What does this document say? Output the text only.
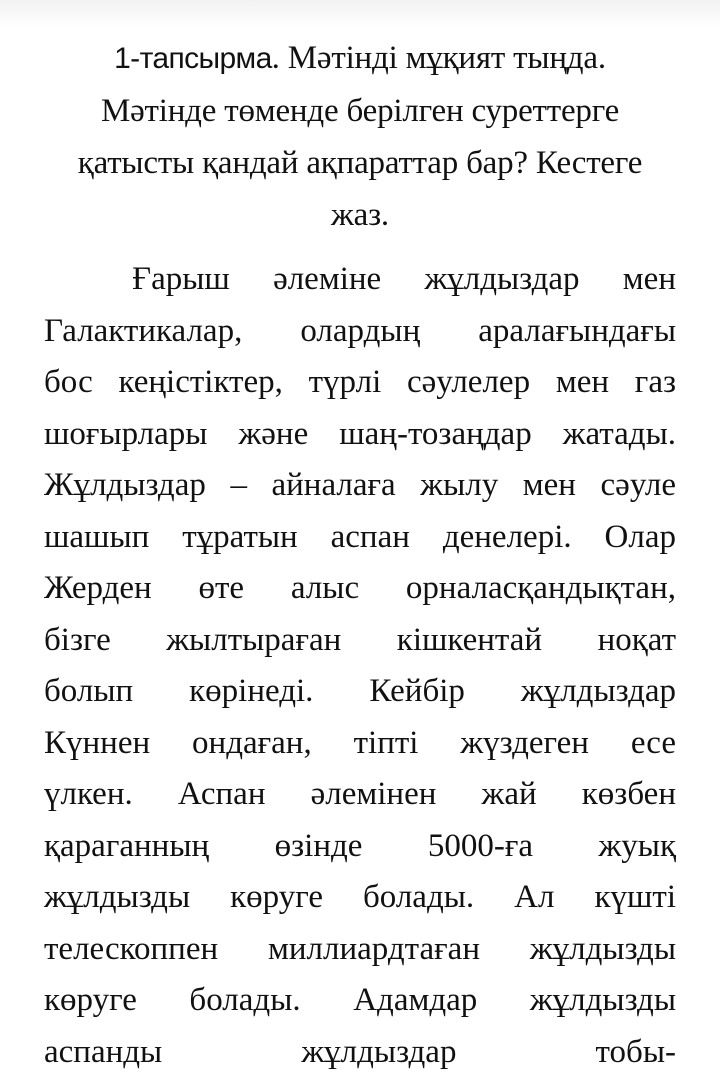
1-тапсырма. Мәтінді мұқият тыңда.
Мәтінде төменде берілген суреттерге
қатысты қандай ақпараттар бар? Кестеге
жаз.
Ғарыш әлеміне жұлдыздар мен
Галактикалар, олардың аралағындағы
бос кеңістіктер, түрлі сәулелер мен газ
шоғырлары және шаң-тозаңдар жатады.
Жұлдыздар – айналаға жылу мен сәуле
шашып тұратын аспан денелері. Олар
Жерден өте алыс орналасқандықтан,
бізге жылтыраған кішкентай ноқат
болып көрінеді. Кейбір жұлдыздар
Күннен ондаған, тіпті жүздеген есе
үлкен. Аспан әлемінен жай көзбен
қараганның өзінде 5000-ға жуық
жұлдызды көруге болады. Ал күшті
телескоппен миллиардтаған жұлдызды
көруге болады. Адамдар жұлдызды
аспанды жұлдыздар тобы-
